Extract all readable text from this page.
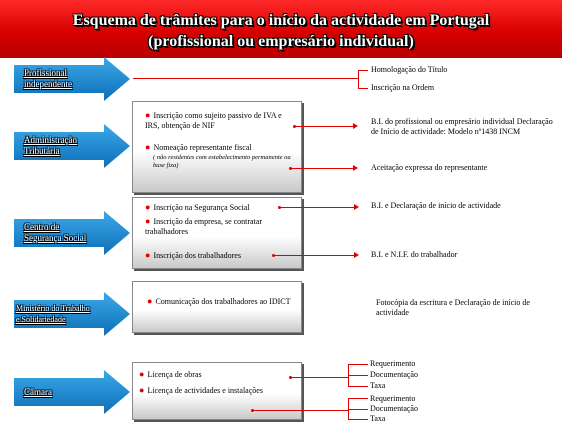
Esquema de trâmites para o início da actividade em Portugal
(profissional ou empresário individual)
Profissional
independente
Administração
Tributária
Centro de
Segurança Social
Ministério do Trabalho
e Solidariedade
Câmara
Homologação do Título
Inscrição na Ordem
● Inscrição como sujeito passivo de IVA e IRS, obtenção de NIF
● Nomeação representante fiscal
( não residentes com estabelecimento permanente ou base fixa)
B.I. do profissional ou empresário individual Declaração de Início de actividade: Modelo nº1438 INCM
Aceitação expressa do representante
● Inscrição na Segurança Social
● Inscrição da empresa, se contratar trabalhadores
● Inscrição dos trabalhadores
B.I. e Declaração de início de actividade
B.I. e N.I.F. do trabalhador
● Comunicação dos trabalhadores ao IDICT	Fotocópia da escritura e Declaração de início de actividade
● Licença de obras
● Licença de actividades e instalações
Requerimento
Documentação
Taxa
Requerimento
Documentação
Taxa
